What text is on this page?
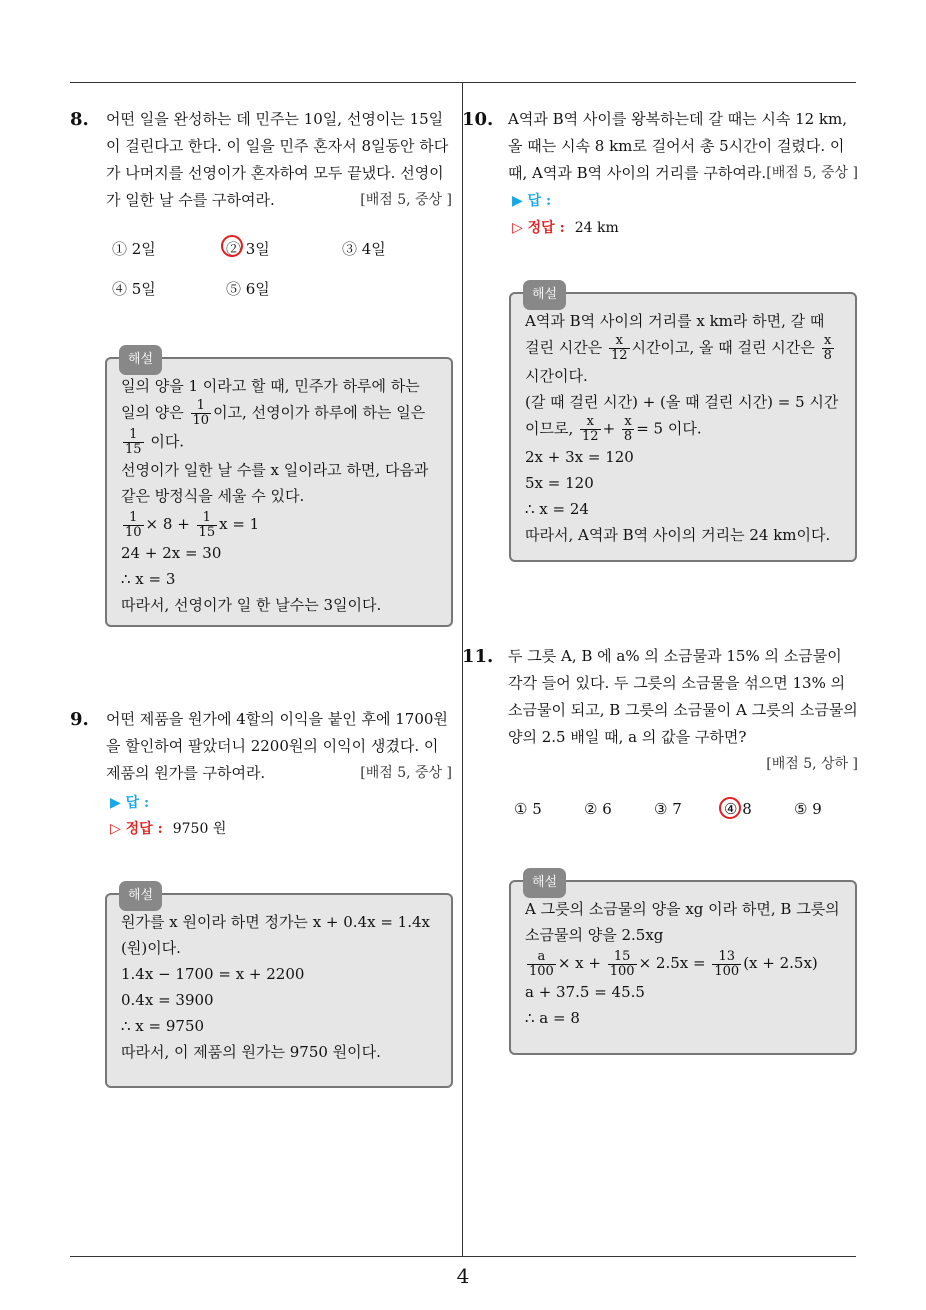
4
8. 어떤 일을 완성하는 데 민주는 10일, 선영이는 15일이 걸린다고 한다. 이 일을 민주 혼자서 8일동안 하다가 나머지를 선영이가 혼자하여 모두 끝냈다. 선영이가 일한 날 수를 구하여라.	[배점 5, 중상 ]
① 2일	② 3일	③ 4일
④ 5일	⑤ 6일
해설
일의 양을 1 이라고 할 때, 민주가 하루에 하는 일의 양은 $\frac{1}{10}$ 이고, 선영이가 하루에 하는 일은
$\frac{1}{15}$ 이다.
선영이가 일한 날 수를 x 일이라고 하면, 다음과 같은 방정식을 세울 수 있다.
$\frac{1}{10} \times 8 + \frac{1}{15}$ x = 1
24 + 2x = 30
∴ x = 3
따라서, 선영이가 일 한 날수는 3일이다.
9. 어떤 제품을 원가에 4할의 이익을 붙인 후에 1700원을 할인하여 팔았더니 2200원의 이익이 생겼다. 이 제품의 원가를 구하여라.	[배점 5, 중상 ]
▶ 답 :
▷ 정답 : 9750 원
해설
원가를 x 원이라 하면 정가는 x + 0.4x = 1.4x (원)이다.
1.4x − 1700 = x + 2200
0.4x = 3900
∴ x = 9750
따라서, 이 제품의 원가는 9750 원이다.
10. A역과 B역 사이를 왕복하는데 갈 때는 시속 12 km, 올 때는 시속 8 km로 걸어서 총 5시간이 걸렸다. 이때, A역과 B역 사이의 거리를 구하여라. [배점 5, 중상 ]
▶ 답 :
▷ 정답 : 24 km
해설
A역과 B역 사이의 거리를 x km라 하면, 갈 때 걸린 시간은 $\frac{x}{12}$ 시간이고, 올 때 걸린 시간은 $\frac{x}{8}$
시간이다.
(갈 때 걸린 시간) + (올 때 걸린 시간) = 5 시간이므로, $\frac{x}{12} + \frac{x}{8} = 5$ 이다.
2x + 3x = 120
5x = 120
∴ x = 24
따라서, A역과 B역 사이의 거리는 24 km이다.
11. 두 그릇 A, B 에 a% 의 소금물과 15% 의 소금물이 각각 들어 있다. 두 그릇의 소금물을 섞으면 13% 의 소금물이 되고, B 그릇의 소금물이 A 그릇의 소금물의 양의 2.5 배일 때, a 의 값을 구하면?
[배점 5, 상하 ]
① 5	② 6	③ 7	④ 8	⑤ 9
해설
A 그릇의 소금물의 양을 xg 이라 하면, B 그릇의 소금물의 양을 2.5xg
$\frac{a}{100} \times x + \frac{15}{100} \times 2.5x = \frac{13}{100} (x + 2.5x)$
a + 37.5 = 45.5
∴ a = 8
